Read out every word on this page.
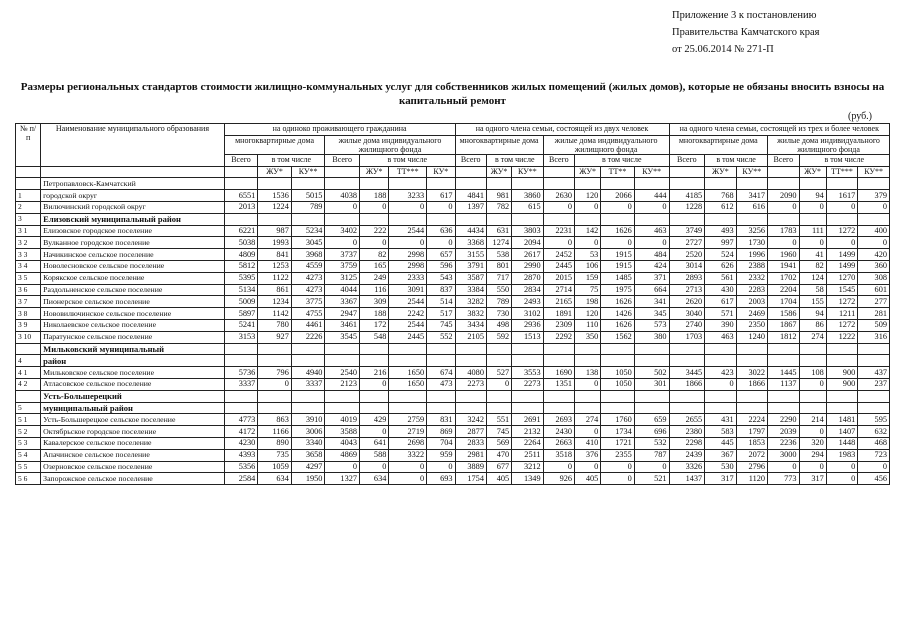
Приложение 3 к постановлению
Правительства Камчатского края
от 25.06.2014 № 271-П
Размеры региональных стандартов стоимости жилищно-коммунальных услуг для собственников жилых помещений (жилых домов), которые не обязаны вносить взносы на капитальный ремонт
(руб.)
№ п/п	Наименование муниципального образования	на одиноко проживающего гражданина							на одного члена семьи, состоящей из двух человек							на одного члена семьи, состоящей из трех и более человек						
		многоквартирные дома			жилые дома индивидуального жилищного фонда				многоквартирные дома			жилые дома индивидуального жилищного фонда				многоквартирные дома			жилые дома индивидуального жилищного фонда			
		Всего	в том числе		Всего	в том числе			Всего	в том числе		Всего	в том числе			Всего	в том числе		Всего	в том числе		
			ЖУ*	КУ**		ЖУ*	ТТ***	КУ*		ЖУ*	КУ**		ЖУ*	ТТ**	КУ**		ЖУ*	КУ**		ЖУ*	ТТ***	КУ**
	Петропавловск-Камчатский																					
1	городской округ	6551	1536	5015	4038	188	3233	617	4841	981	3860	2630	120	2066	444	4185	768	3417	2090	94	1617	379
2	Вилючинский городской округ	2013	1224	789	0	0	0	0	1397	782	615	0	0	0	0	1228	612	616	0	0	0	0
3	Елизовский муниципальный район																					
3 1	Елизовское городское поселение	6221	987	5234	3402	222	2544	636	4434	631	3803	2231	142	1626	463	3749	493	3256	1783	111	1272	400
3 2	Вулканное городское поселение	5038	1993	3045	0	0	0	0	3368	1274	2094	0	0	0	0	2727	997	1730	0	0	0	0
3 3	Начикинское сельское поселение	4809	841	3968	3737	82	2998	657	3155	538	2617	2452	53	1915	484	2520	524	1996	1960	41	1499	420
3 4	Новолесновское сельское поселение	5812	1253	4559	3759	165	2998	596	3791	801	2990	2445	106	1915	424	3014	626	2388	1941	82	1499	360
3 5	Корякское сельское поселение	5395	1122	4273	3125	249	2333	543	3587	717	2870	2015	159	1485	371	2893	561	2332	1702	124	1270	308
3 6	Раздольненское сельское поселение	5134	861	4273	4044	116	3091	837	3384	550	2834	2714	75	1975	664	2713	430	2283	2204	58	1545	601
3 7	Пионерское сельское поселение	5009	1234	3775	3367	309	2544	514	3282	789	2493	2165	198	1626	341	2620	617	2003	1704	155	1272	277
3 8	Нововилючинское сельское поселение	5897	1142	4755	2947	188	2242	517	3832	730	3102	1891	120	1426	345	3040	571	2469	1586	94	1211	281
3 9	Николаевское сельское поселение	5241	780	4461	3461	172	2544	745	3434	498	2936	2309	110	1626	573	2740	390	2350	1867	86	1272	509
3 10	Паратунское сельское поселение	3153	927	2226	3545	548	2445	552	2105	592	1513	2292	350	1562	380	1703	463	1240	1812	274	1222	316
	Мильковский муниципальный																					
4	район																					
4 1	Мильковское сельское поселение	5736	796	4940	2540	216	1650	674	4080	527	3553	1690	138	1050	502	3445	423	3022	1445	108	900	437
4 2	Атласовское сельское поселение	3337	0	3337	2123	0	1650	473	2273	0	2273	1351	0	1050	301	1866	0	1866	1137	0	900	237
	Усть-Большерецкий																					
5	муниципальный район																					
5 1	Усть-Большерецкое сельское поселение	4773	863	3910	4019	429	2759	831	3242	551	2691	2693	274	1760	659	2655	431	2224	2290	214	1481	595
5 2	Октябрьское городское поселение	4172	1166	3006	3588	0	2719	869	2877	745	2132	2430	0	1734	696	2380	583	1797	2039	0	1407	632
5 3	Кавалерское сельское поселение	4230	890	3340	4043	641	2698	704	2833	569	2264	2663	410	1721	532	2298	445	1853	2236	320	1448	468
5 4	Апачинское сельское поселение	4393	735	3658	4869	588	3322	959	2981	470	2511	3518	376	2355	787	2439	367	2072	3000	294	1983	723
5 5	Озерновское сельское поселение	5356	1059	4297	0	0	0	0	3889	677	3212	0	0	0	0	3326	530	2796	0	0	0	0
5 6	Запорожское сельское поселение	2584	634	1950	1327	634	0	693	1754	405	1349	926	405	0	521	1437	317	1120	773	317	0	456
